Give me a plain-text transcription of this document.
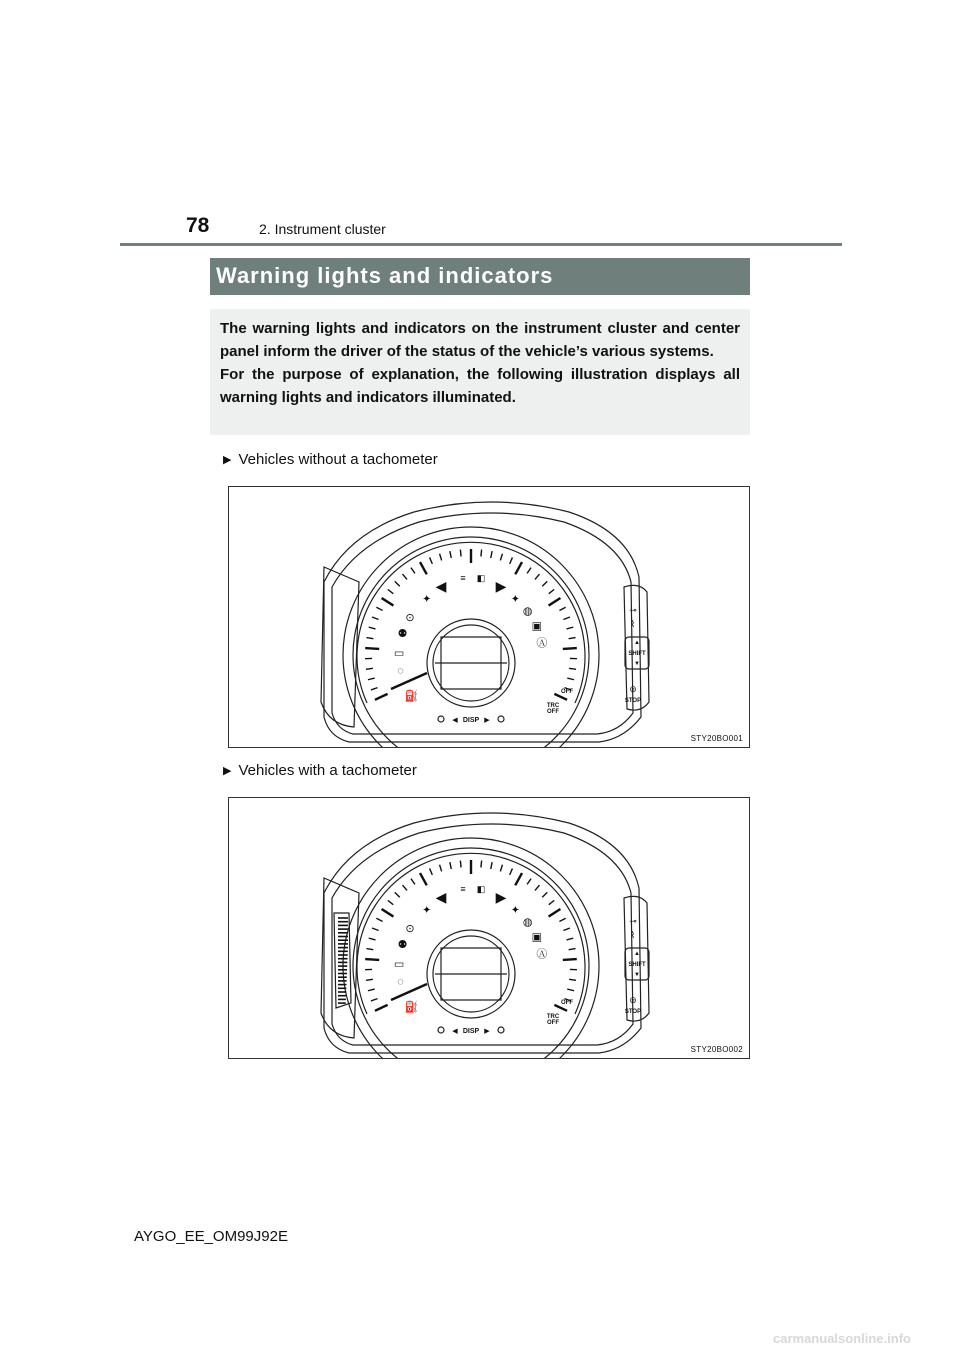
78	2. Instrument cluster
Warning lights and indicators

The warning lights and indicators on the instrument cluster and center panel inform the driver of the status of the vehicle’s various systems.

For the purpose of explanation, the following illustration displays all warning lights and indicators illuminated.

▶ Vehicles without a tachometer
⊙
⚉
▭
◌
✦	✦
◍
▣
Ⓐ
⛽
◀	▶
≡ ◧
DISP
◀	▶
TRC
OFF
OFF
SHIFT
▲
▼
STOP
⊜
⊸
⌇
STY20BO001
▶ Vehicles with a tachometer
⊙
⚉
▭
◌
✦	✦
◍
▣
Ⓐ
⛽
◀	▶
≡ ◧
DISP
◀	▶
TRC
OFF
OFF
SHIFT
▲
▼
STOP
⊜
⊸
⌇
STY20BO002
AYGO_EE_OM99J92E
carmanualsonline.info
